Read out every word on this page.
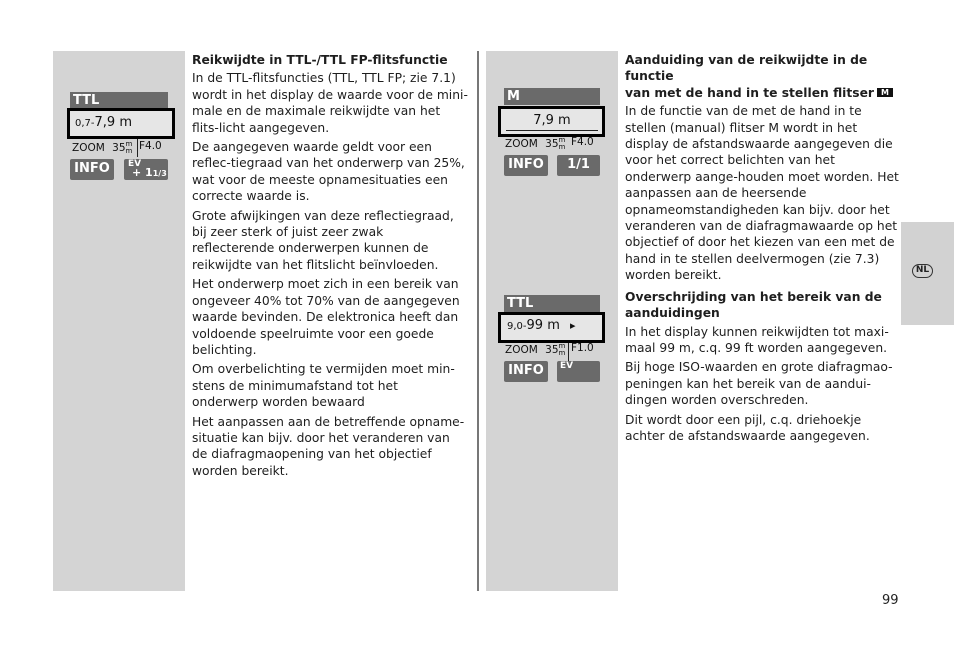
TTL
0,7-7,9 m
ZOOM 35 m
m F4.0
INFO	EV
+ 11/3

Reikwijdte in TTL-/TTL FP-flitsfunctie

In de TTL-flitsfuncties (TTL, TTL FP; zie 7.1) wordt in het display de waarde voor de mini-male en de maximale reikwijdte van het flits-licht aangegeven.

De aangegeven waarde geldt voor een reflec-tiegraad van het onderwerp van 25%, wat voor de meeste opnamesituaties een correcte waarde is.

Grote afwijkingen van deze reflectiegraad, bij zeer sterk of juist zeer zwak reflecterende onderwerpen kunnen de reikwijdte van het flitslicht beïnvloeden.

Het onderwerp moet zich in een bereik van ongeveer 40% tot 70% van de aangegeven waarde bevinden. De elektronica heeft dan voldoende speelruimte voor een goede belichting.

Om overbelichting te vermijden moet min-stens de minimumafstand tot het onderwerp worden bewaard

Het aanpassen aan de betreffende opname-situatie kan bijv. door het veranderen van de diafragmaopening van het objectief worden bereikt.

M
7,9 m
ZOOM 35 m
m F4.0
INFO	1/1
TTL
9,0-99 m ▸
ZOOM 35 m
m F1.0
INFO	EV

Aanduiding van de reikwijdte in de functie
van met de hand in te stellen flitser M

In de functie van de met de hand in te stellen (manual) flitser M wordt in het display de afstandswaarde aangegeven die voor het correct belichten van het onderwerp aange-houden moet worden. Het aanpassen aan de heersende opnameomstandigheden kan bijv. door het veranderen van de diafragmawaarde op het objectief of door het kiezen van een met de hand in te stellen deelvermogen (zie 7.3) worden bereikt.

Overschrijding van het bereik van de aanduidingen

In het display kunnen reikwijdten tot maxi-maal 99 m, c.q. 99 ft worden aangegeven.

Bij hoge ISO-waarden en grote diafragmao-peningen kan het bereik van de aandui-dingen worden overschreden.

Dit wordt door een pijl, c.q. driehoekje achter de afstandswaarde aangegeven.

NL
99
